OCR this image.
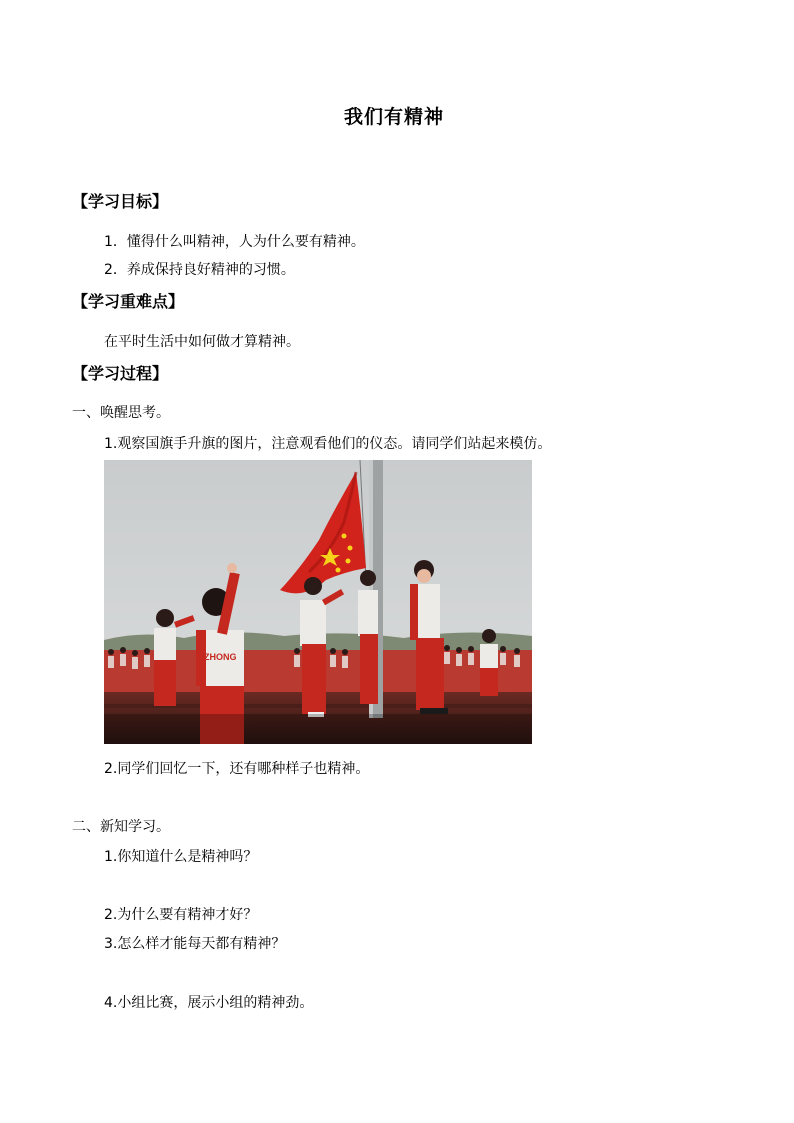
我们有精神
【学习目标】
1．懂得什么叫精神，人为什么要有精神。
2．养成保持良好精神的习惯。
【学习重难点】
在平时生活中如何做才算精神。
【学习过程】
一、唤醒思考。
1.观察国旗手升旗的图片，注意观看他们的仪态。请同学们站起来模仿。
ZHONG
2.同学们回忆一下，还有哪种样子也精神。
二、新知学习。
1.你知道什么是精神吗？
2.为什么要有精神才好？
3.怎么样才能每天都有精神？
4.小组比赛，展示小组的精神劲。
